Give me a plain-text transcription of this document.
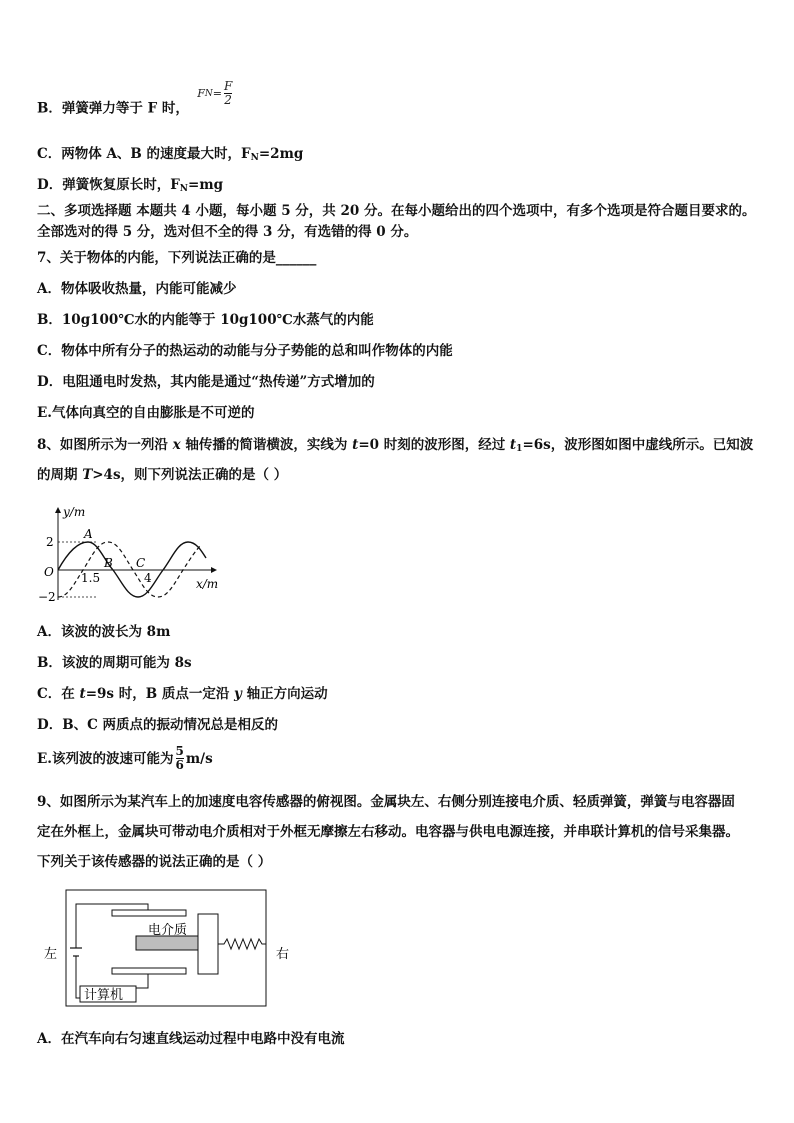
B．弹簧弹力等于 F 时，
F $N = \frac{F}{2}$
C．两物体 A、B 的速度最大时，$F_N=2mg$
D．弹簧恢复原长时，$F_N=mg$
二、多项选择题 本题共 4 小题，每小题 5 分，共 20 分。在每小题给出的四个选项中，有多个选项是符合题目要求的。
全部选对的得 5 分，选对但不全的得 3 分，有选错的得 0 分。
7、关于物体的内能，下列说法正确的是______
A．物体吸收热量，内能可能减少
B．10g100℃水的内能等于 10g100℃水蒸气的内能
C．物体中所有分子的热运动的动能与分子势能的总和叫作物体的内能
D．电阻通电时发热，其内能是通过“热传递”方式增加的
E.气体向真空的自由膨胀是不可逆的
8、如图所示为一列沿 x 轴传播的简谐横波，实线为 t=0 时刻的波形图，经过 $t_1=6s$，波形图如图中虚线所示。已知波
的周期 T>4s，则下列说法正确的是（ ）
y/m
x/m
O
2
−2
1.5	4
A
B C
A．该波的波长为 8m
B．该波的周期可能为 8s
C．在 t=9s 时，B 质点一定沿 y 轴正方向运动
D．B、C 两质点的振动情况总是相反的
E.该列波的波速可能为 $\frac{5}{6} m/s$
9、如图所示为某汽车上的加速度电容传感器的俯视图。金属块左、右侧分别连接电介质、轻质弹簧，弹簧与电容器固
定在外框上，金属块可带动电介质相对于外框无摩擦左右移动。电容器与供电电源连接，并串联计算机的信号采集器。
下列关于该传感器的说法正确的是（ ）
电介质
计算机
左	右
A．在汽车向右匀速直线运动过程中电路中没有电流
